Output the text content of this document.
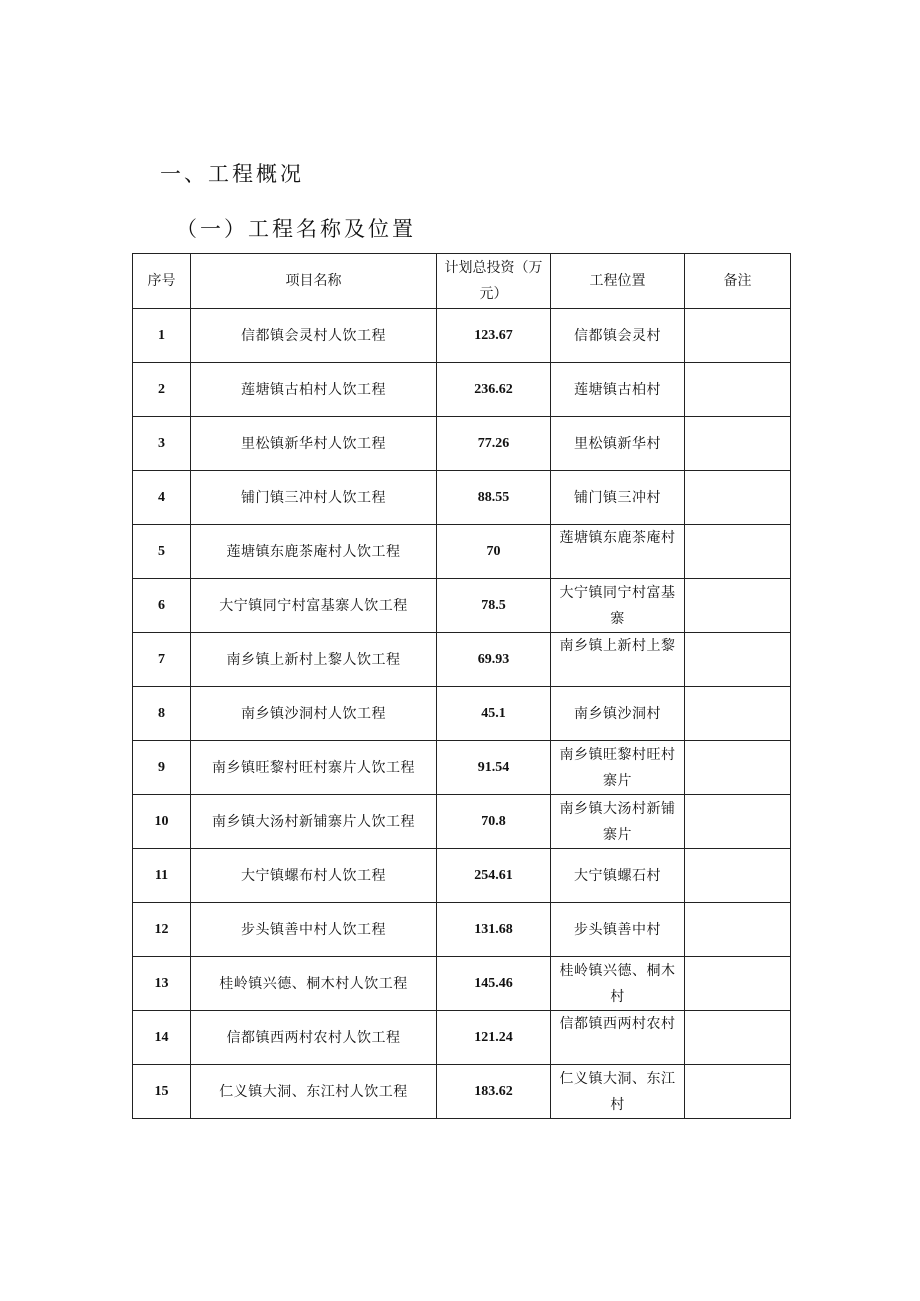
一、工程概况
（一）工程名称及位置
序号	项目名称	计划总投资（万元）	工程位置	备注
1	信都镇会灵村人饮工程	123.67	信都镇会灵村	
2	莲塘镇古柏村人饮工程	236.62	莲塘镇古柏村	
3	里松镇新华村人饮工程	77.26	里松镇新华村	
4	铺门镇三冲村人饮工程	88.55	铺门镇三冲村	
5	莲塘镇东鹿茶庵村人饮工程	70	莲塘镇东鹿茶庵村	
6	大宁镇同宁村富基寨人饮工程	78.5	大宁镇同宁村富基寨	
7	南乡镇上新村上黎人饮工程	69.93	南乡镇上新村上黎	
8	南乡镇沙洞村人饮工程	45.1	南乡镇沙洞村	
9	南乡镇旺黎村旺村寨片人饮工程	91.54	南乡镇旺黎村旺村寨片	
10	南乡镇大汤村新铺寨片人饮工程	70.8	南乡镇大汤村新铺寨片	
11	大宁镇螺布村人饮工程	254.61	大宁镇螺石村	
12	步头镇善中村人饮工程	131.68	步头镇善中村	
13	桂岭镇兴德、桐木村人饮工程	145.46	桂岭镇兴德、桐木村	
14	信都镇西两村农村人饮工程	121.24	信都镇西两村农村	
15	仁义镇大洞、东江村人饮工程	183.62	仁义镇大洞、东江村	
